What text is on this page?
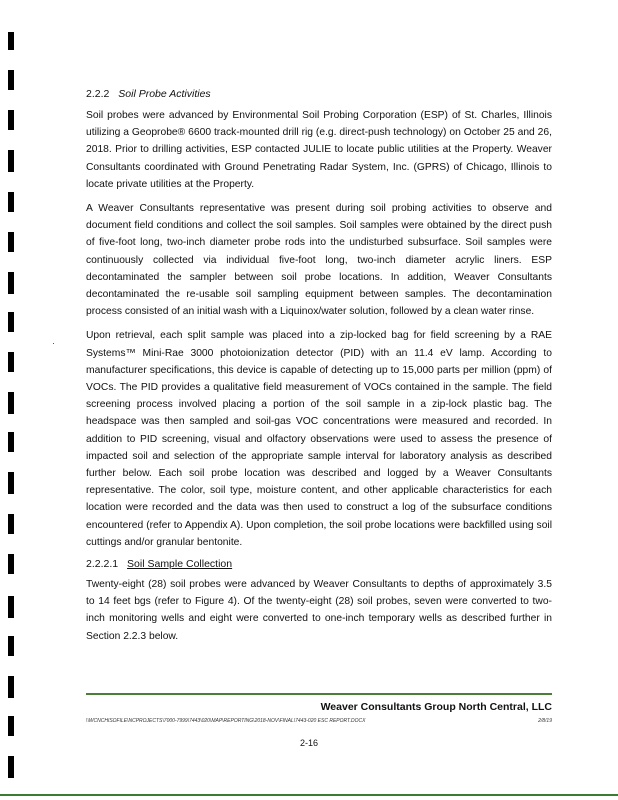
2.2.2 Soil Probe Activities

Soil probes were advanced by Environmental Soil Probing Corporation (ESP) of St. Charles, Illinois utilizing a Geoprobe® 6600 track-mounted drill rig (e.g. direct-push technology) on October 25 and 26, 2018. Prior to drilling activities, ESP contacted JULIE to locate public utilities at the Property. Weaver Consultants coordinated with Ground Penetrating Radar System, Inc. (GPRS) of Chicago, Illinois to locate private utilities at the Property.

A Weaver Consultants representative was present during soil probing activities to observe and document field conditions and collect the soil samples. Soil samples were obtained by the direct push of five-foot long, two-inch diameter probe rods into the undisturbed subsurface. Soil samples were continuously collected via individual five-foot long, two-inch diameter acrylic liners. ESP decontaminated the sampler between soil probe locations. In addition, Weaver Consultants decontaminated the re-usable soil sampling equipment between samples. The decontamination process consisted of an initial wash with a Liquinox/water solution, followed by a clean water rinse.

Upon retrieval, each split sample was placed into a zip-locked bag for field screening by a RAE Systems™ Mini-Rae 3000 photoionization detector (PID) with an 11.4 eV lamp. According to manufacturer specifications, this device is capable of detecting up to 15,000 parts per million (ppm) of VOCs. The PID provides a qualitative field measurement of VOCs contained in the sample. The field screening process involved placing a portion of the soil sample in a zip-lock plastic bag. The headspace was then sampled and soil-gas VOC concentrations were measured and recorded. In addition to PID screening, visual and olfactory observations were used to assess the presence of impacted soil and selection of the appropriate sample interval for laboratory analysis as described further below. Each soil probe location was described and logged by a Weaver Consultants representative. The color, soil type, moisture content, and other applicable characteristics for each location were recorded and the data was then used to construct a log of the subsurface conditions encountered (refer to Appendix A). Upon completion, the soil probe locations were backfilled using soil cuttings and/or granular bentonite.

2.2.2.1 Soil Sample Collection

Twenty-eight (28) soil probes were advanced by Weaver Consultants to depths of approximately 3.5 to 14 feet bgs (refer to Figure 4). Of the twenty-eight (28) soil probes, seven were converted to two-inch monitoring wells and eight were converted to one-inch temporary wells as described further in Section 2.2.3 below.

Weaver Consultants Group North Central, LLC
\\WCNCHISOFILE\NCPROJECTS\7000-7999\7443\020\MAP\REPORTING\2018-NOV\FINAL\7443-020 ESC REPORT.DOCX	2/8/19
2-16
